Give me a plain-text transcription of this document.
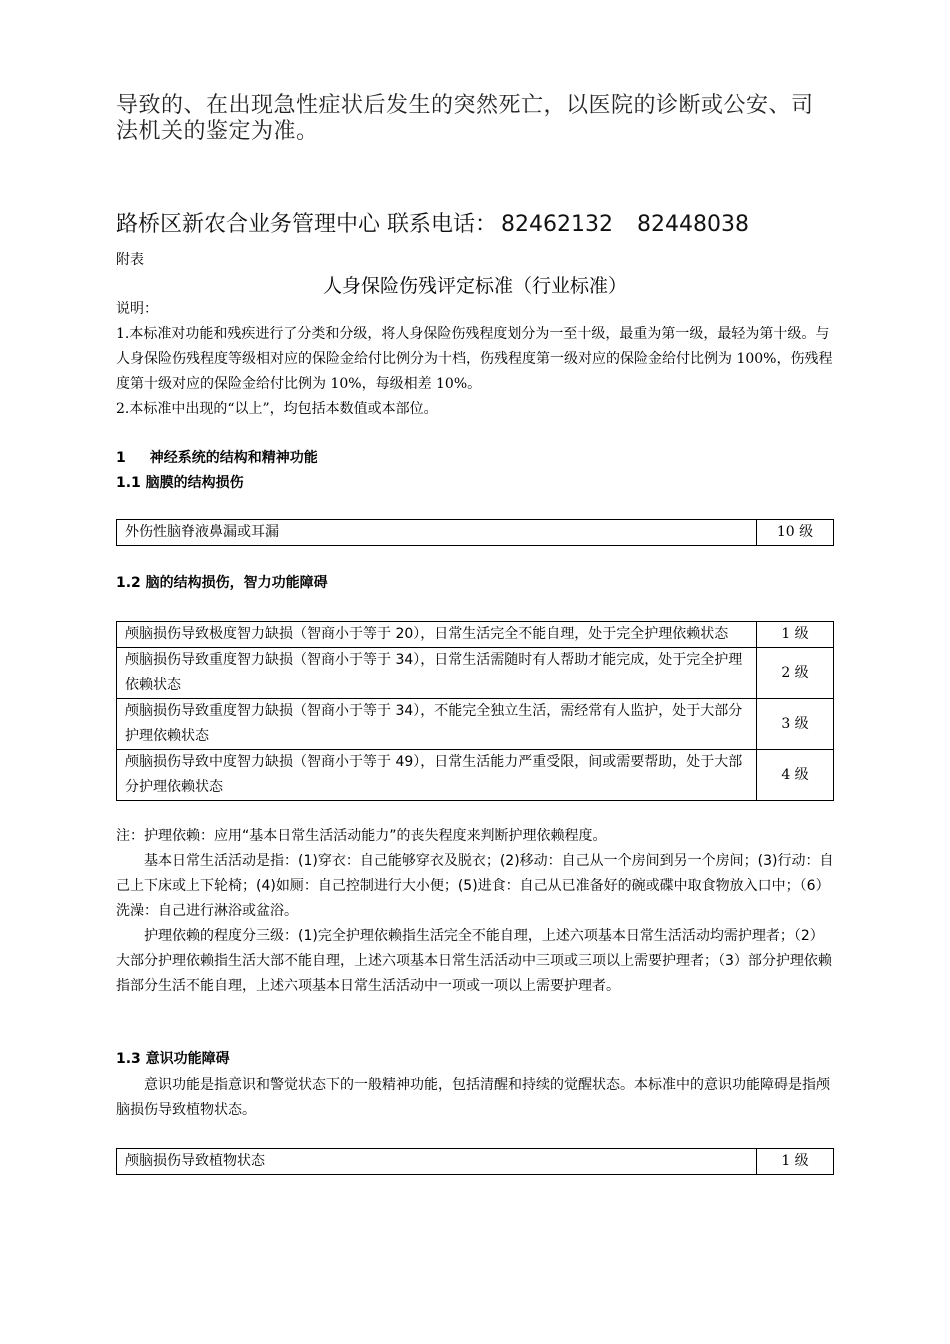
导致的、在出现急性症状后发生的突然死亡，以医院的诊断或公安、司法机关的鉴定为准。
路桥区新农合业务管理中心 联系电话： 82462132 82448038
附表
人身保险伤残评定标准（行业标准）
说明：
1.本标准对功能和残疾进行了分类和分级，将人身保险伤残程度划分为一至十级，最重为第一级，最轻为第十级。与人身保险伤残程度等级相对应的保险金给付比例分为十档，伤残程度第一级对应的保险金给付比例为 100%，伤残程度第十级对应的保险金给付比例为 10%，每级相差 10%。
2.本标准中出现的“以上”，均包括本数值或本部位。
1 神经系统的结构和精神功能
1.1 脑膜的结构损伤
外伤性脑脊液鼻漏或耳漏	10 级
1.2 脑的结构损伤，智力功能障碍
颅脑损伤导致极度智力缺损（智商小于等于 20），日常生活完全不能自理，处于完全护理依赖状态	1 级
颅脑损伤导致重度智力缺损（智商小于等于 34），日常生活需随时有人帮助才能完成，处于完全护理依赖状态	2 级
颅脑损伤导致重度智力缺损（智商小于等于 34），不能完全独立生活，需经常有人监护，处于大部分护理依赖状态	3 级
颅脑损伤导致中度智力缺损（智商小于等于 49），日常生活能力严重受限，间或需要帮助，处于大部分护理依赖状态	4 级
注：护理依赖：应用“基本日常生活活动能力”的丧失程度来判断护理依赖程度。
基本日常生活活动是指：(1)穿衣：自己能够穿衣及脱衣；(2)移动：自己从一个房间到另一个房间；(3)行动：自己上下床或上下轮椅；(4)如厕：自己控制进行大小便；(5)进食：自己从已准备好的碗或碟中取食物放入口中；（6）洗澡：自己进行淋浴或盆浴。
护理依赖的程度分三级：(1)完全护理依赖指生活完全不能自理，上述六项基本日常生活活动均需护理者；（2）大部分护理依赖指生活大部不能自理，上述六项基本日常生活活动中三项或三项以上需要护理者；（3）部分护理依赖指部分生活不能自理，上述六项基本日常生活活动中一项或一项以上需要护理者。
1.3 意识功能障碍
意识功能是指意识和警觉状态下的一般精神功能，包括清醒和持续的觉醒状态。本标准中的意识功能障碍是指颅脑损伤导致植物状态。
颅脑损伤导致植物状态	1 级
